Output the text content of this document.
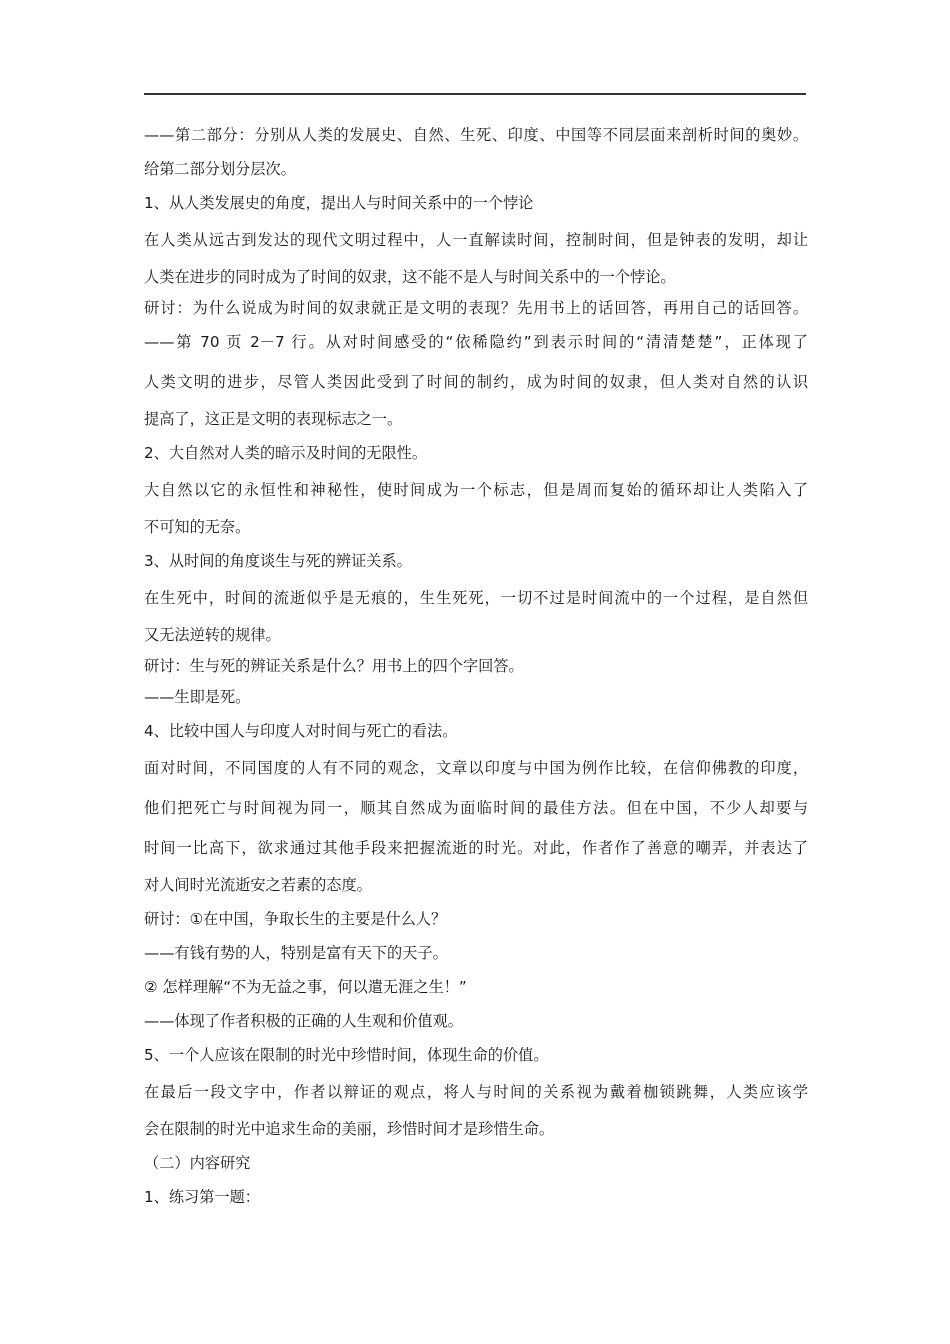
——第二部分：分别从人类的发展史、自然、生死、印度、中国等不同层面来剖析时间的奥妙。
给第二部分划分层次。
1、从人类发展史的角度，提出人与时间关系中的一个悖论
在人类从远古到发达的现代文明过程中，人一直解读时间，控制时间，但是钟表的发明，却让
人类在进步的同时成为了时间的奴隶，这不能不是人与时间关系中的一个悖论。
研讨：为什么说成为时间的奴隶就正是文明的表现？先用书上的话回答，再用自己的话回答。
——第 70 页 2－7 行。从对时间感受的“依稀隐约”到表示时间的“清清楚楚”，正体现了
人类文明的进步，尽管人类因此受到了时间的制约，成为时间的奴隶，但人类对自然的认识
提高了，这正是文明的表现标志之一。
2、大自然对人类的暗示及时间的无限性。
大自然以它的永恒性和神秘性，使时间成为一个标志，但是周而复始的循环却让人类陷入了
不可知的无奈。
3、从时间的角度谈生与死的辨证关系。
在生死中，时间的流逝似乎是无痕的，生生死死，一切不过是时间流中的一个过程，是自然但
又无法逆转的规律。
研讨：生与死的辨证关系是什么？用书上的四个字回答。
——生即是死。
4、比较中国人与印度人对时间与死亡的看法。
面对时间，不同国度的人有不同的观念，文章以印度与中国为例作比较，在信仰佛教的印度，
他们把死亡与时间视为同一，顺其自然成为面临时间的最佳方法。但在中国，不少人却要与
时间一比高下，欲求通过其他手段来把握流逝的时光。对此，作者作了善意的嘲弄，并表达了
对人间时光流逝安之若素的态度。
研讨：①在中国，争取长生的主要是什么人？
——有钱有势的人，特别是富有天下的天子。
② 怎样理解“不为无益之事，何以遣无涯之生！”
——体现了作者积极的正确的人生观和价值观。
5、一个人应该在限制的时光中珍惜时间，体现生命的价值。
在最后一段文字中，作者以辩证的观点，将人与时间的关系视为戴着枷锁跳舞，人类应该学
会在限制的时光中追求生命的美丽，珍惜时间才是珍惜生命。
（二）内容研究
1、练习第一题：
